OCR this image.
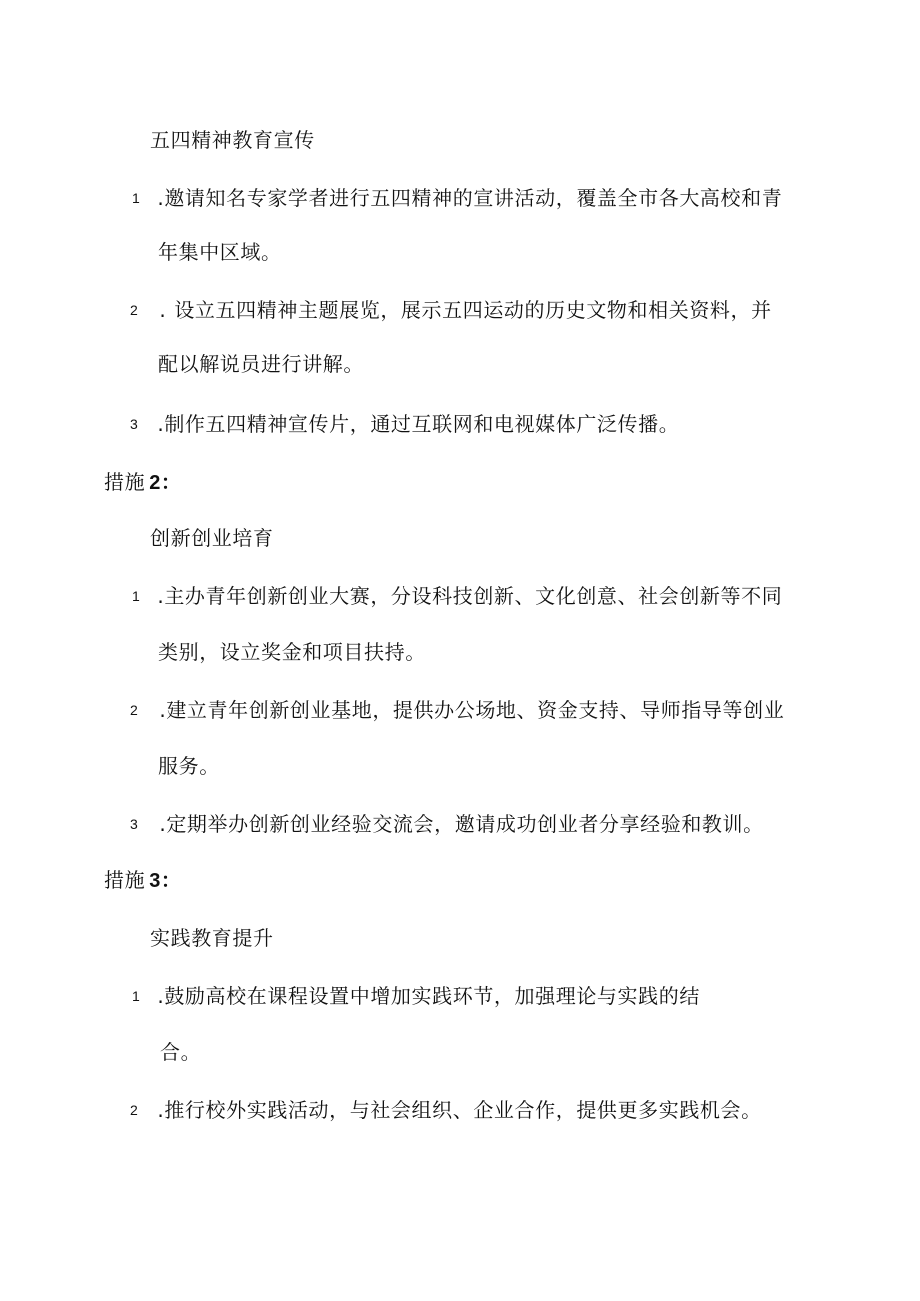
五四精神教育宣传
1 .邀请知名专家学者进行五四精神的宣讲活动，覆盖全市各大高校和青
年集中区域。
2 . 设立五四精神主题展览，展示五四运动的历史文物和相关资料，并
配以解说员进行讲解。
3 .制作五四精神宣传片，通过互联网和电视媒体广泛传播。
措施 2：
创新创业培育
1 .主办青年创新创业大赛，分设科技创新、文化创意、社会创新等不同
类别，设立奖金和项目扶持。
2 .建立青年创新创业基地，提供办公场地、资金支持、导师指导等创业
服务。
3 .定期举办创新创业经验交流会，邀请成功创业者分享经验和教训。
措施 3：
实践教育提升
1 .鼓励高校在课程设置中增加实践环节，加强理论与实践的结
合。
2 .推行校外实践活动，与社会组织、企业合作，提供更多实践机会。
